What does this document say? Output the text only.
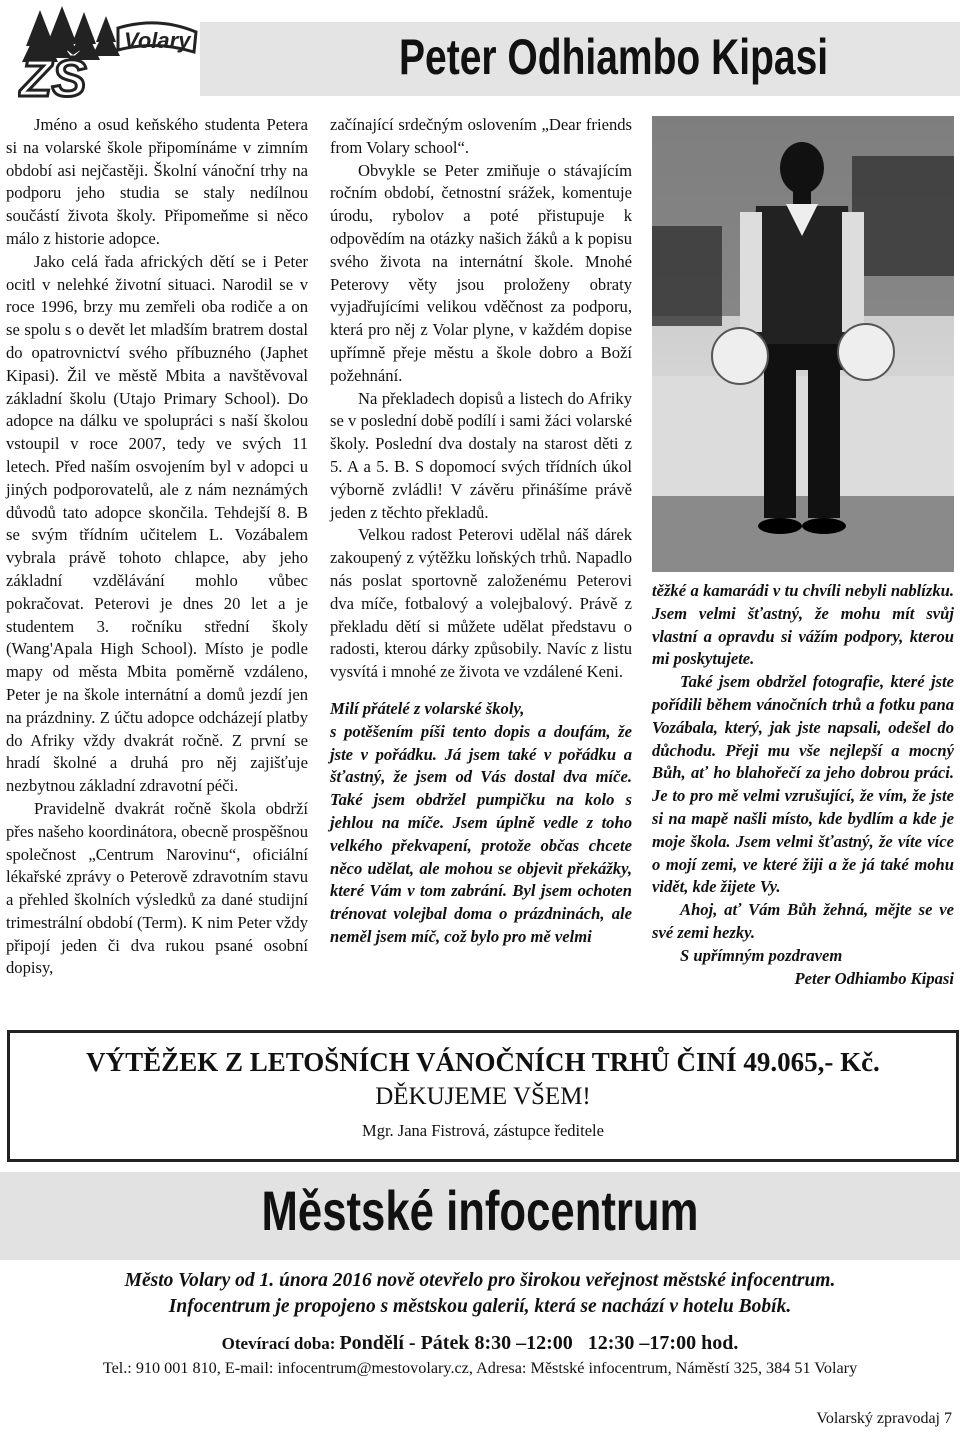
Volary
ZŠ	Peter Odhiambo Kipasi

Jméno a osud keňského studenta Petera si na volarské škole připomínáme v zimním období asi nejčastěji. Školní vánoční trhy na podporu jeho studia se staly nedílnou součástí života školy. Připomeňme si něco málo z historie adopce.

Jako celá řada afrických dětí se i Peter ocitl v nelehké životní situaci. Narodil se v roce 1996, brzy mu zemřeli oba rodiče a on se spolu s o devět let mladším bratrem dostal do opatrovnictví svého příbuzného (Japhet Kipasi). Žil ve městě Mbita a navštěvoval základní školu (Utajo Primary School). Do adopce na dálku ve spolupráci s naší školou vstoupil v roce 2007, tedy ve svých 11 letech. Před naším osvojením byl v adopci u jiných podporovatelů, ale z nám neznámých důvodů tato adopce skončila. Tehdejší 8. B se svým třídním učitelem L. Vozábalem vybrala právě tohoto chlapce, aby jeho základní vzdělávání mohlo vůbec pokračovat. Peterovi je dnes 20 let a je studentem 3. ročníku střední školy (Wang'Apala High School). Místo je podle mapy od města Mbita poměrně vzdáleno, Peter je na škole internátní a domů jezdí jen na prázdniny. Z účtu adopce odcházejí platby do Afriky vždy dvakrát ročně. Z první se hradí školné a druhá pro něj zajišťuje nezbytnou základní zdravotní péči.

Pravidelně dvakrát ročně škola obdrží přes našeho koordinátora, obecně prospěšnou společnost „Centrum Narovinu“, oficiální lékařské zprávy o Peterově zdravotním stavu a přehled školních výsledků za dané studijní trimestrální období (Term). K nim Peter vždy připojí jeden či dva rukou psané osobní dopisy,

začínající srdečným oslovením „Dear friends from Volary school“.

Obvykle se Peter zmiňuje o stávajícím ročním období, četnostní srážek, komentuje úrodu, rybolov a poté přistupuje k odpovědím na otázky našich žáků a k popisu svého života na internátní škole. Mnohé Peterovy věty jsou proloženy obraty vyjadřujícími velikou vděčnost za podporu, která pro něj z Volar plyne, v každém dopise upřímně přeje městu a škole dobro a Boží požehnání.

Na překladech dopisů a listech do Afriky se v poslední době podílí i sami žáci volarské školy. Poslední dva dostaly na starost děti z 5. A a 5. B. S dopomocí svých třídních úkol výborně zvládli! V závěru přinášíme právě jeden z těchto překladů.

Velkou radost Peterovi udělal náš dárek zakoupený z výtěžku loňských trhů. Napadlo nás poslat sportovně založenému Peterovi dva míče, fotbalový a volejbalový. Právě z překladu dětí si můžete udělat představu o radosti, kterou dárky způsobily. Navíc z listu vysvítá i mnohé ze života ve vzdálené Keni.

Milí přátelé z volarské školy,

s potěšením píši tento dopis a doufám, že jste v pořádku. Já jsem také v pořádku a šťastný, že jsem od Vás dostal dva míče. Také jsem obdržel pumpičku na kolo s jehlou na míče. Jsem úplně vedle z toho velkého překvapení, protože občas chcete něco udělat, ale mohou se objevit překážky, které Vám v tom zabrání. Byl jsem ochoten trénovat volejbal doma o prázdninách, ale neměl jsem míč, což bylo pro mě velmi

těžké a kamarádi v tu chvíli nebyli nablízku. Jsem velmi šťastný, že mohu mít svůj vlastní a opravdu si vážím podpory, kterou mi poskytujete.

Také jsem obdržel fotografie, které jste pořídili během vánočních trhů a fotku pana Vozábala, který, jak jste napsali, odešel do důchodu. Přeji mu vše nejlepší a mocný Bůh, ať ho blahořečí za jeho dobrou práci. Je to pro mě velmi vzrušující, že vím, že jste si na mapě našli místo, kde bydlím a kde je moje škola. Jsem velmi šťastný, že víte více o mojí zemi, ve které žiji a že já také mohu vidět, kde žijete Vy.

Ahoj, ať Vám Bůh žehná, mějte se ve své zemi hezky.

S upřímným pozdravem

Peter Odhiambo Kipasi

VÝTĚŽEK Z LETOŠNÍCH VÁNOČNÍCH TRHŮ ČINÍ 49.065,- Kč.
DĚKUJEME VŠEM!
Mgr. Jana Fistrová, zástupce ředitele
Městské infocentrum
Město Volary od 1. února 2016 nově otevřelo pro širokou veřejnost městské infocentrum.
Infocentrum je propojeno s městskou galerií, která se nachází v hotelu Bobík.
Otevírací doba: Pondělí - Pátek 8:30 –12:00   12:30 –17:00 hod.
Tel.: 910 001 810, E-mail: infocentrum@mestovolary.cz, Adresa: Městské infocentrum, Náměstí 325, 384 51 Volary
Volarský zpravodaj 7
